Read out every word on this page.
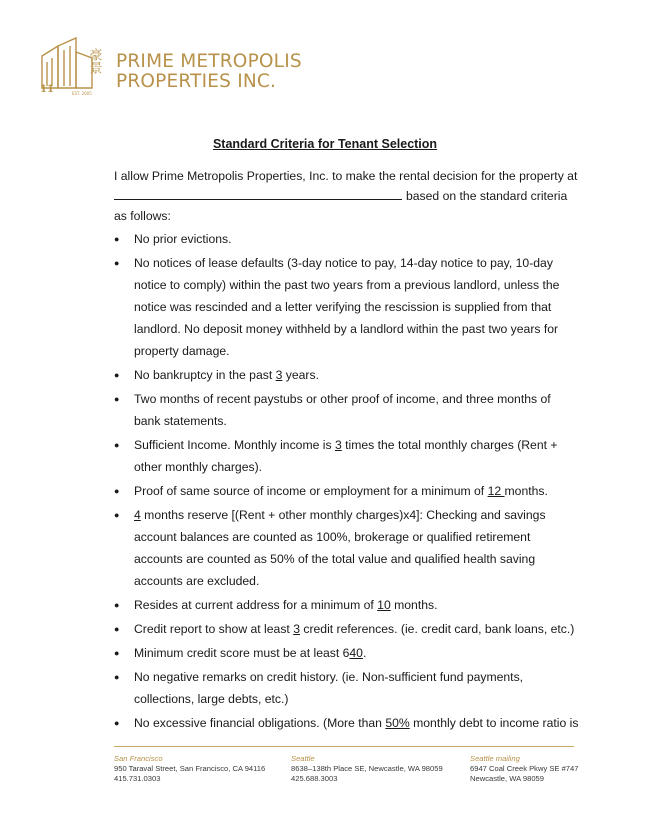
11	EST. 2005
豪景 PRIME METROPOLIS
PROPERTIES INC.
Standard Criteria for Tenant Selection
I allow Prime Metropolis Properties, Inc. to make the rental decision for the property at
based on the standard criteria
as follows:
● No prior evictions.
● No notices of lease defaults (3-day notice to pay, 14-day notice to pay, 10-day notice to comply) within the past two years from a previous landlord, unless the notice was rescinded and a letter verifying the rescission is supplied from that landlord. No deposit money withheld by a landlord within the past two years for property damage.
● No bankruptcy in the past 3 years.
● Two months of recent paystubs or other proof of income, and three months of bank statements.
● Sufficient Income. Monthly income is 3 times the total monthly charges (Rent + other monthly charges).
● Proof of same source of income or employment for a minimum of 12 months.
● 4 months reserve [(Rent + other monthly charges)x4]: Checking and savings account balances are counted as 100%, brokerage or qualified retirement accounts are counted as 50% of the total value and qualified health saving accounts are excluded.
● Resides at current address for a minimum of 10 months.
● Credit report to show at least 3 credit references. (ie. credit card, bank loans, etc.)
● Minimum credit score must be at least 640.
● No negative remarks on credit history. (ie. Non-sufficient fund payments, collections, large debts, etc.)
● No excessive financial obligations. (More than 50% monthly debt to income ratio is
San Francisco
950 Taraval Street, San Francisco, CA 94116
415.731.0303
Seattle
8638–138th Place SE, Newcastle, WA 98059
425.688.3003
Seattle mailing
6947 Coal Creek Pkwy SE #747
Newcastle, WA 98059
